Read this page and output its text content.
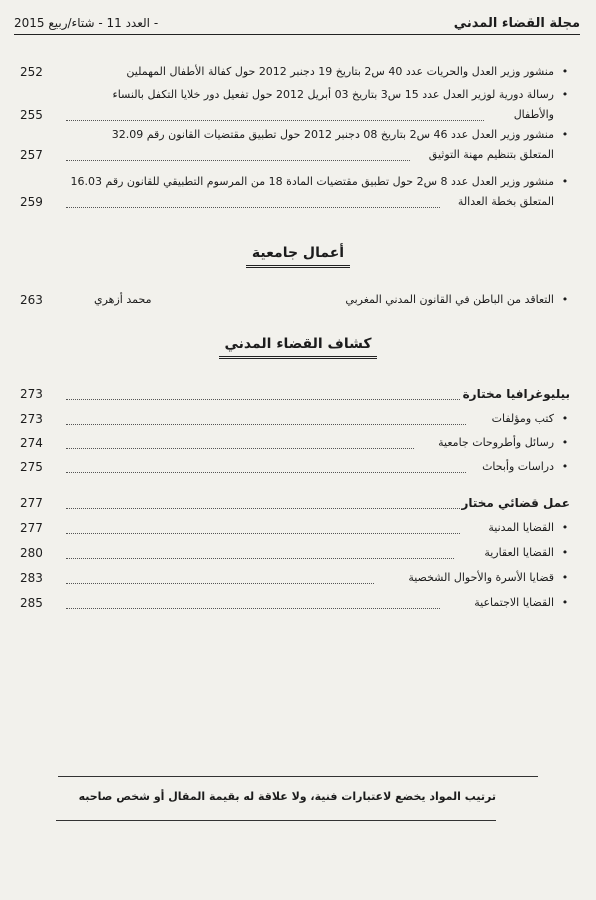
مجلة القضاء المدني
- العدد 11 - شتاء/ربيع 2015
•
منشور وزير العدل والحريات عدد 40 س2 بتاريخ 19 دجنبر 2012 حول كفالة الأطفال المهملين
252
•
رسالة دورية لوزير العدل عدد 15 س3 بتاريخ 03 أبريل 2012 حول تفعيل دور خلايا التكفل بالنساء
والأطفال
255
•
منشور وزير العدل عدد 46 س2 بتاريخ 08 دجنبر 2012 حول تطبيق مقتضيات القانون رقم 32.09
المتعلق بتنظيم مهنة التوثيق
257
•
منشور وزير العدل عدد 8 س2 حول تطبيق مقتضيات المادة 18 من المرسوم التطبيقي للقانون رقم 16.03
المتعلق بخطة العدالة
259
أعمال جامعية
•
التعاقد من الباطن في القانون المدني المغربي
محمد أزهري
263
كشاف القضاء المدني
بيليوغرافيا مختارة
273
•
كتب ومؤلفات
273
•
رسائل وأطروحات جامعية
274
•
دراسات وأبحاث
275
عمل قضائي مختار
277
•
القضايا المدنية
277
•
القضايا العقارية
280
•
قضايا الأسرة والأحوال الشخصية
283
•
القضايا الاجتماعية
285
ترتيب المواد يخضع لاعتبارات فنية، ولا علاقة له بقيمة المقال أو شخص صاحبه
